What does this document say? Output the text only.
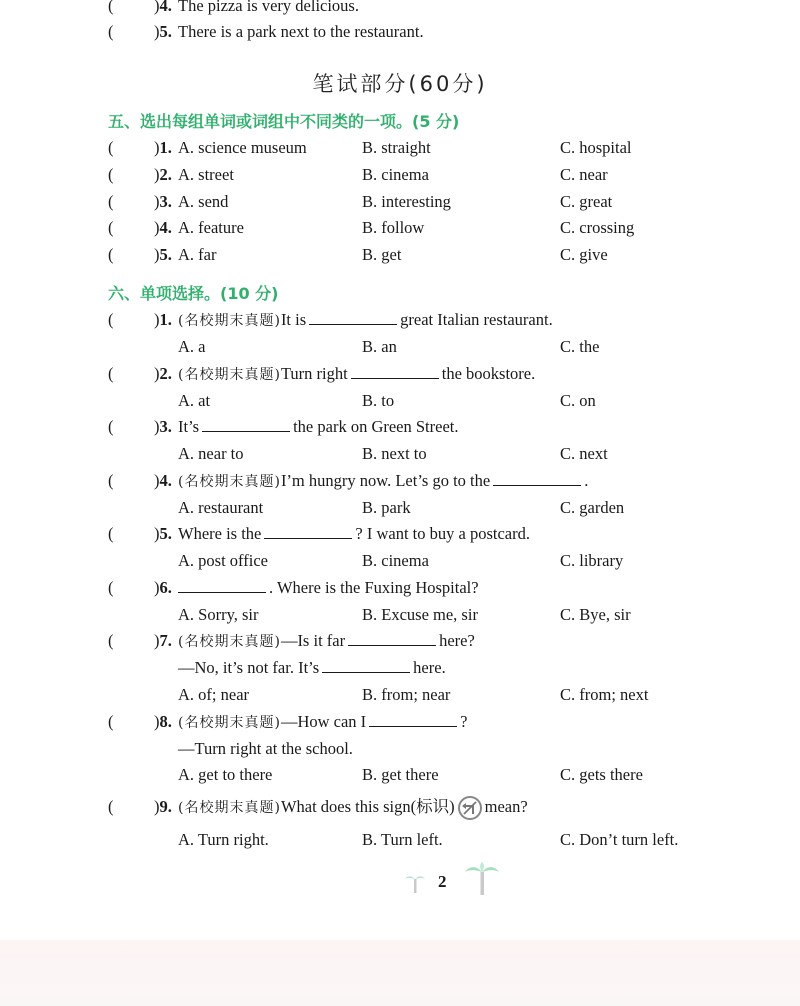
( )4. The pizza is very delicious.
( )5. There is a park next to the restaurant.
笔试部分(60分)
五、选出每组单词或词组中不同类的一项。(5 分)
( )1. A. science museum	B. straight	C. hospital
( )2. A. street	B. cinema	C. near
( )3. A. send	B. interesting	C. great
( )4. A. feature	B. follow	C. crossing
( )5. A. far	B. get	C. give
六、单项选择。(10 分)
( )1. (名校期末真题)It is	great Italian restaurant.
A. a	B. an	C. the
( )2. (名校期末真题)Turn right	the bookstore.
A. at	B. to	C. on
( )3. It’s	the park on Green Street.
A. near to	B. next to	C. next
( )4. (名校期末真题)I’m hungry now. Let’s go to the	.
A. restaurant	B. park	C. garden
( )5. Where is the	? I want to buy a postcard.
A. post office	B. cinema	C. library
( )6.	. Where is the Fuxing Hospital?
A. Sorry, sir	B. Excuse me, sir	C. Bye, sir
( )7. (名校期末真题)—Is it far	here?
—No, it’s not far. It’s	here.
A. of; near	B. from; near	C. from; next
( )8. (名校期末真题)—How can I	?
—Turn right at the school.
A. get to there	B. get there	C. gets there
( )9. (名校期末真题)What does this sign(标识) mean?
A. Turn right.	B. Turn left.	C. Don’t turn left.
2
